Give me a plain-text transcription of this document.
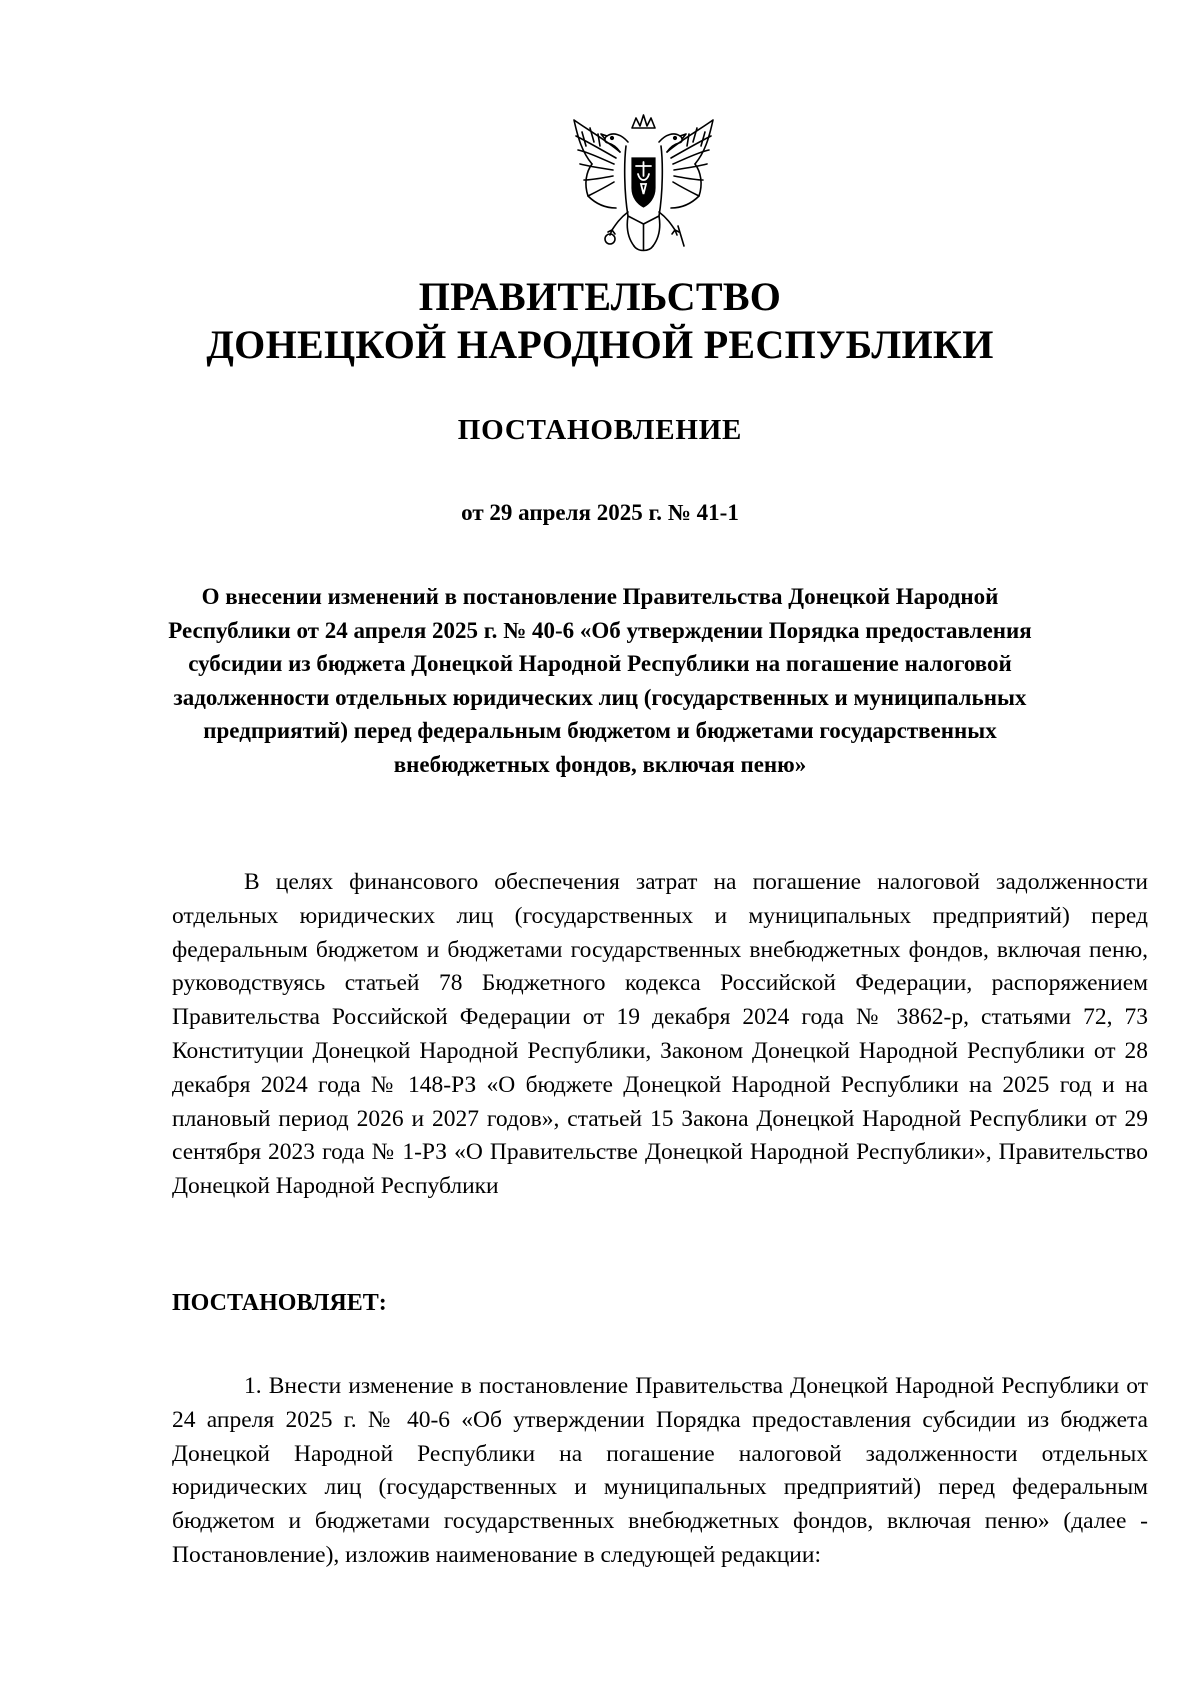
ПРАВИТЕЛЬСТВО
ДОНЕЦКОЙ НАРОДНОЙ РЕСПУБЛИКИ
ПОСТАНОВЛЕНИЕ
от 29 апреля 2025 г. № 41-1

О внесении изменений в постановление Правительства Донецкой Народной Республики от 24 апреля 2025 г. № 40-6 «Об утверждении Порядка предоставления субсидии из бюджета Донецкой Народной Республики на погашение налоговой задолженности отдельных юридических лиц (государственных и муниципальных предприятий) перед федеральным бюджетом и бюджетами государственных внебюджетных фондов, включая пеню»

В целях финансового обеспечения затрат на погашение налоговой задолженности отдельных юридических лиц (государственных и муниципальных предприятий) перед федеральным бюджетом и бюджетами государственных внебюджетных фондов, включая пеню, руководствуясь статьей 78 Бюджетного кодекса Российской Федерации, распоряжением Правительства Российской Федерации от 19 декабря 2024 года № 3862-р, статьями 72, 73 Конституции Донецкой Народной Республики, Законом Донецкой Народной Республики от 28 декабря 2024 года № 148-РЗ «О бюджете Донецкой Народной Республики на 2025 год и на плановый период 2026 и 2027 годов», статьей 15 Закона Донецкой Народной Республики от 29 сентября 2023 года № 1-РЗ «О Правительстве Донецкой Народной Республики», Правительство Донецкой Народной Республики

ПОСТАНОВЛЯЕТ:

1. Внести изменение в постановление Правительства Донецкой Народной Республики от 24 апреля 2025 г. № 40-6 «Об утверждении Порядка предоставления субсидии из бюджета Донецкой Народной Республики на погашение налоговой задолженности отдельных юридических лиц (государственных и муниципальных предприятий) перед федеральным бюджетом и бюджетами государственных внебюджетных фондов, включая пеню» (далее - Постановление), изложив наименование в следующей редакции:
